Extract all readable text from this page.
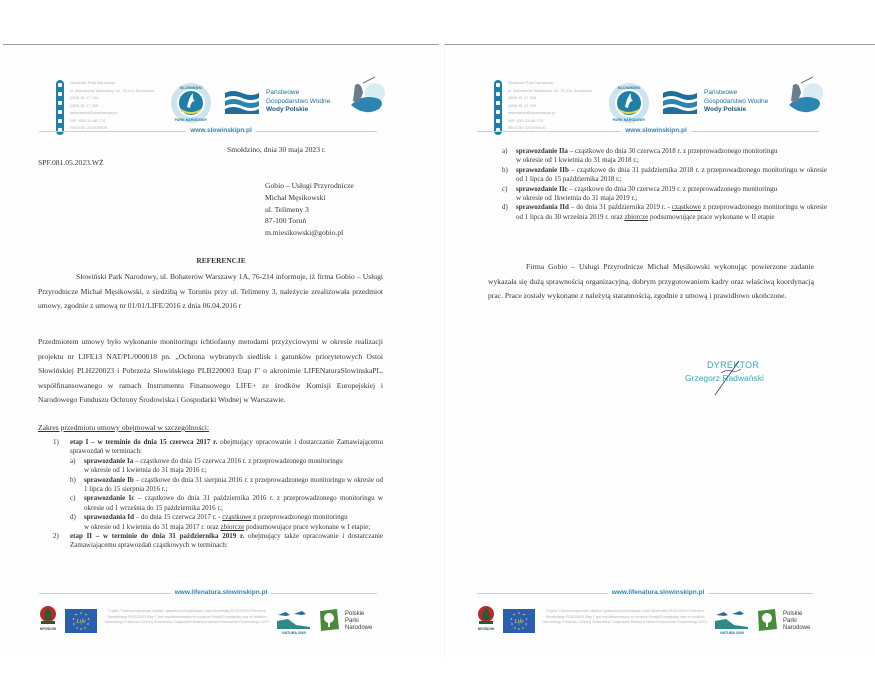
Słowiński Park Narodowy
ul. Bohaterów Warszawy 1A, 76-214 Smołdzino
(059) 81 17 204
(059) 81 17 329
sekretariat@slowinskipn.pl
NIP: 839-31-68-774
REGON: 221578400
SŁOWIŃSKI
PARK NARODOWY
Państwowe
Gospodarstwo Wodne
Wody Polskie
www.slowinskipn.pl
Smołdzino, dnia 30 maja 2023 r.
SPF.081.05.2023.WŻ
Gobio – Usługi Przyrodnicze
Michał Męsikowski
ul. Telimeny 3
87-100 Toruń
m.miesikowski@gobio.pl
REFERENCJE
Słowiński Park Narodowy, ul. Bohaterów Warszawy 1A, 76-214 informuje, iż firma Gobio – Usługi Przyrodnicze Michał Męsikowski, z siedzibą w Toruniu przy ul. Telimeny 3, należycie zrealizowała przedmiot umowy, zgodnie z umową nr 01/01/LIFE/2016 z dnia 06.04.2016 r
Przedmiotem umowy było wykonanie monitoringu ichtiofauny metodami przyżyciowymi w okresie realizacji projektu nr LIFE13 NAT/PL/000018 pn. „Ochrona wybranych siedlisk i gatunków priorytetowych Ostoi Słowińskiej PLH220023 i Pobrzeża Słowińskiego PLB220003 Etap I" o akronimie LIFENaturaSlowinskaPL, współfinansowanego w ramach Instrumentu Finansowego LIFE+ ze środków Komisji Europejskiej i Narodowego Funduszu Ochrony Środowiska i Gospodarki Wodnej w Warszawie.
Zakres przedmiotu umowy obejmował w szczególności:
1) etap I – w terminie do dnia 15 czerwca 2017 r. obejmujący opracowanie i dostarczanie Zamawiającemu sprawozdań w terminach:
a) sprawozdanie Ia – cząstkowe do dnia 15 czerwca 2016 r. z przeprowadzonego monitoringu
w okresie od 1 kwietnia do 31 maja 2016 r.;
b) sprawozdanie Ib – cząstkowe do dnia 31 sierpnia 2016 r. z przeprowadzonego monitoringu w okresie od 1 lipca do 15 sierpnia 2016 r.;
c) sprawozdanie Ic – cząstkowe do dnia 31 października 2016 r. z przeprowadzonego monitoringu w okresie od 1 września do 15 października 2016 r.;
d) sprawozdania Id – do dnia 15 czerwca 2017 r. - cząstkowe z przeprowadzonego monitoringu
w okresie od 1 kwietnia do 31 maja 2017 r. oraz zbiorcze podsumowujące prace wykonane w I etapie;
2) etap II – w terminie do dnia 31 października 2019 r. obejmujący także opracowanie i dostarczanie Zamawiającemu sprawozdań cząstkowych w terminach:
www.lifenatura.slowinskipn.pl
NFOŚiGW
Life
Projekt "Ochrona wybranych siedlisk i gatunków priorytetowych Ostoi Słowińskiej PLH220023 i Pobrzeża Słowińskiego PLB220003 Etap I" jest współfinansowany ze środków Komisji Europejskiej oraz ze środków Narodowego Funduszu Ochrony Środowiska i Gospodarki Wodnej w ramach Instrumentu Finansowego LIFE+
NATURA 2000
Polskie
Parki
Narodowe
Słowiński Park Narodowy
ul. Bohaterów Warszawy 1A, 76-214 Smołdzino
(059) 81 17 204
(059) 81 17 329
sekretariat@slowinskipn.pl
NIP: 839-31-68-774
REGON: 221578400
SŁOWIŃSKI
PARK NARODOWY
Państwowe
Gospodarstwo Wodne
Wody Polskie
www.slowinskipn.pl
a) sprawozdanie IIa – cząstkowe do dnia 30 czerwca 2018 r. z przeprowadzonego monitoringu
w okresie od 1 kwietnia do 31 maja 2018 r.;
b) sprawozdanie IIb – cząstkowe do dnia 31 października 2018 r. z przeprowadzonego monitoringu w okresie od 1 lipca do 15 października 2018 r.;
c) sprawozdanie IIc – cząstkowe do dnia 30 czerwca 2019 r. z przeprowadzonego monitoringu
w okresie od 1kwietnia do 31 maja 2019 r.;
d) sprawozdania IId – do dnia 31 października 2019 r. - cząstkowe z przeprowadzonego monitoringu w okresie od 1 lipca do 30 września 2019 r. oraz zbiorcze podsumowujące prace wykonane w II etapie
Firma Gobio – Usługi Przyrodnicze Michał Męsikowski wykonując powierzone zadanie wykazała się dużą sprawnością organizacyjną, dobrym przygotowaniem kadry oraz właściwą koordynacją prac. Prace zostały wykonane z należytą starannością, zgodnie z umową i prawidłowo ukończone.
DYREKTOR
Grzegorz Radwański
www.lifenatura.slowinskipn.pl
NFOŚiGW
Life
Projekt "Ochrona wybranych siedlisk i gatunków priorytetowych Ostoi Słowińskiej PLH220023 i Pobrzeża Słowińskiego PLB220003 Etap I" jest współfinansowany ze środków Komisji Europejskiej oraz ze środków Narodowego Funduszu Ochrony Środowiska i Gospodarki Wodnej w ramach Instrumentu Finansowego LIFE+
NATURA 2000
Polskie
Parki
Narodowe
